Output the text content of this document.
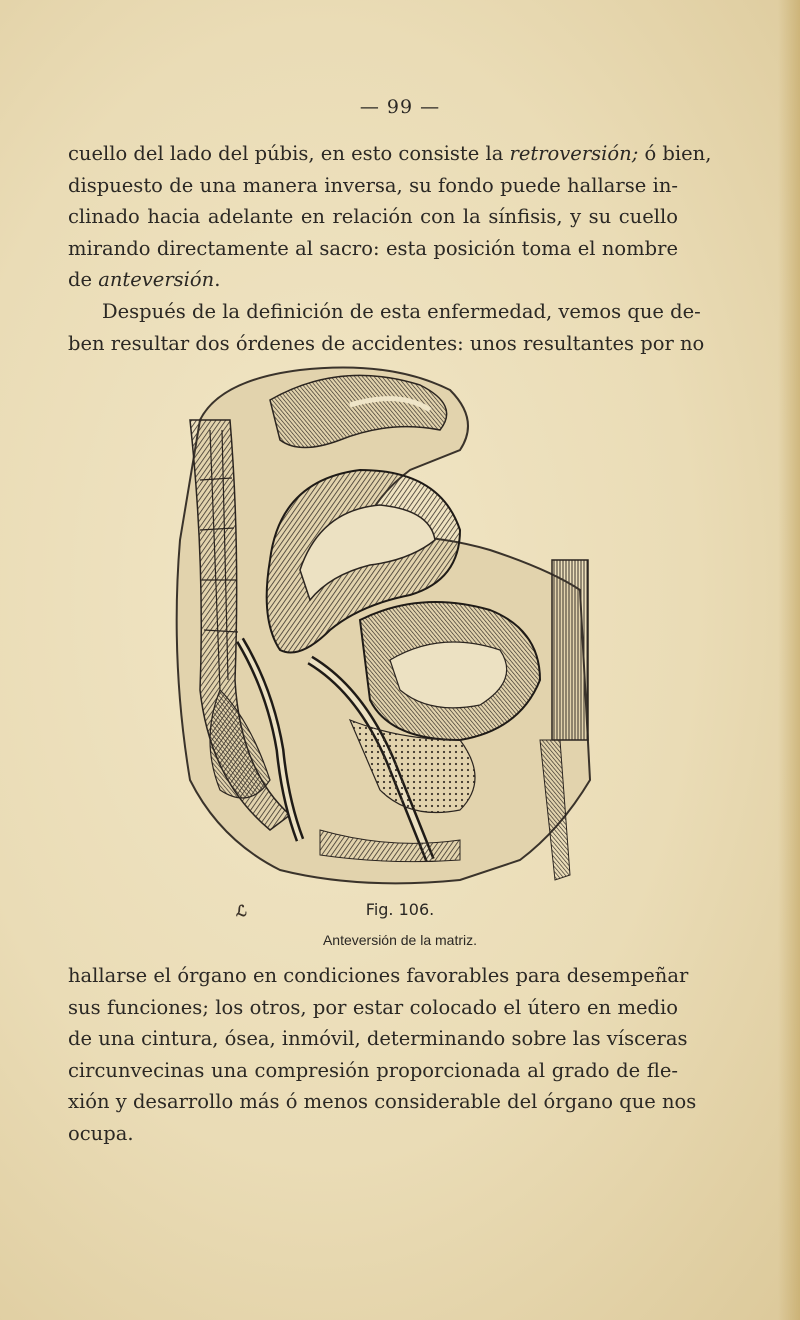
— 99 —
cuello del lado del púbis, en esto consiste la retroversión; ó bien,
dispuesto de una manera inversa, su fondo puede hallarse in-
clinado hacia adelante en relación con la sínfisis, y su cuello
mirando directamente al sacro: esta posición toma el nombre
de anteversión.
Después de la definición de esta enfermedad, vemos que de-
ben resultar dos órdenes de accidentes: unos resultantes por no
ℒ	Fig. 106.
Anteversión de la matriz.
hallarse el órgano en condiciones favorables para desempeñar
sus funciones; los otros, por estar colocado el útero en medio
de una cintura, ósea, inmóvil, determinando sobre las vísceras
circunvecinas una compresión proporcionada al grado de fle-
xión y desarrollo más ó menos considerable del órgano que nos
ocupa.
